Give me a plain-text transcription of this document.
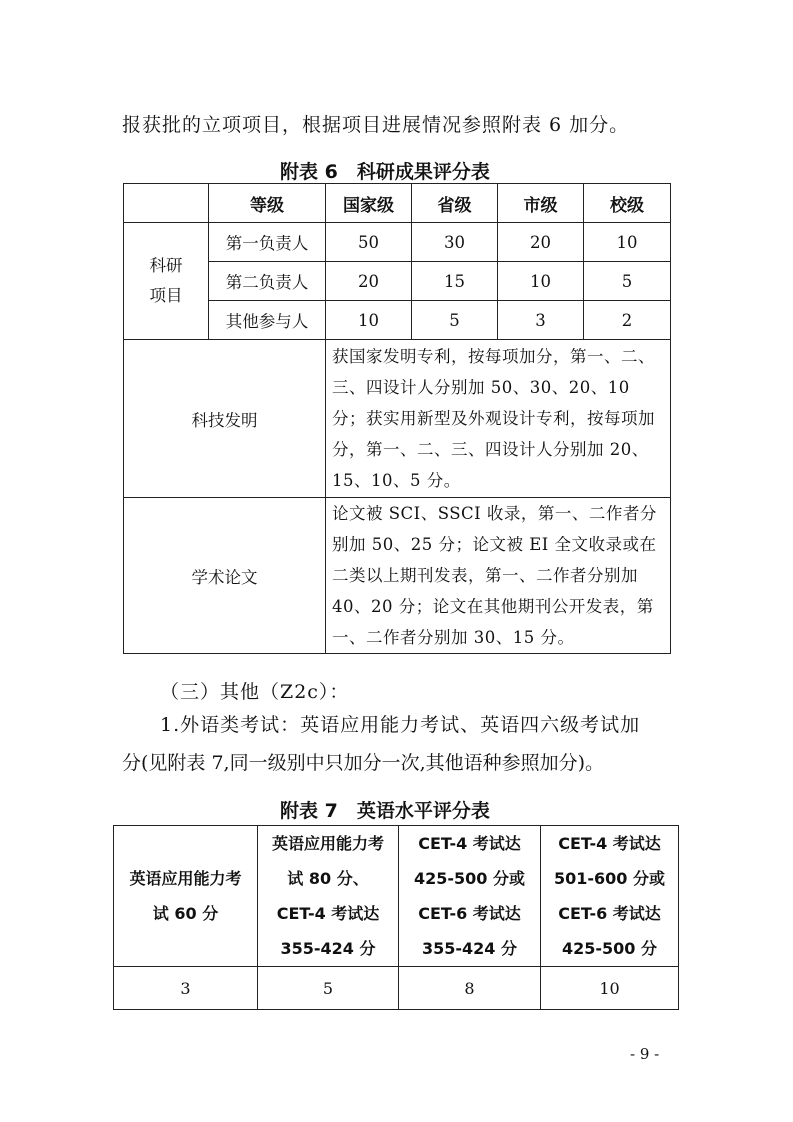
报获批的立项项目，根据项目进展情况参照附表 6 加分。
附表 6　科研成果评分表
	等级	国家级	省级	市级	校级
科研项目	第一负责人	50	30	20	10
	第二负责人	20	15	10	5
	其他参与人	10	5	3	2
科技发明		获国家发明专利，按每项加分，第一、二、三、四设计人分别加 50、30、20、10 分；获实用新型及外观设计专利，按每项加分，第一、二、三、四设计人分别加 20、15、10、5 分。			
学术论文		论文被 SCI、SSCI 收录，第一、二作者分别加 50、25 分；论文被 EI 全文收录或在二类以上期刊发表，第一、二作者分别加 40、20 分；论文在其他期刊公开发表，第一、二作者分别加 30、15 分。			
（三）其他（Z2c）：
1.外语类考试：英语应用能力考试、英语四六级考试加
分(见附表 7,同一级别中只加分一次,其他语种参照加分)。
附表 7　英语水平评分表
英语应用能力考试 60 分	英语应用能力考试 80 分、CET-4 考试达 355-424 分	CET-4 考试达 425-500 分或 CET-6 考试达 355-424 分	CET-4 考试达 501-600 分或 CET-6 考试达 425-500 分
3	5	8	10
- 9 -
